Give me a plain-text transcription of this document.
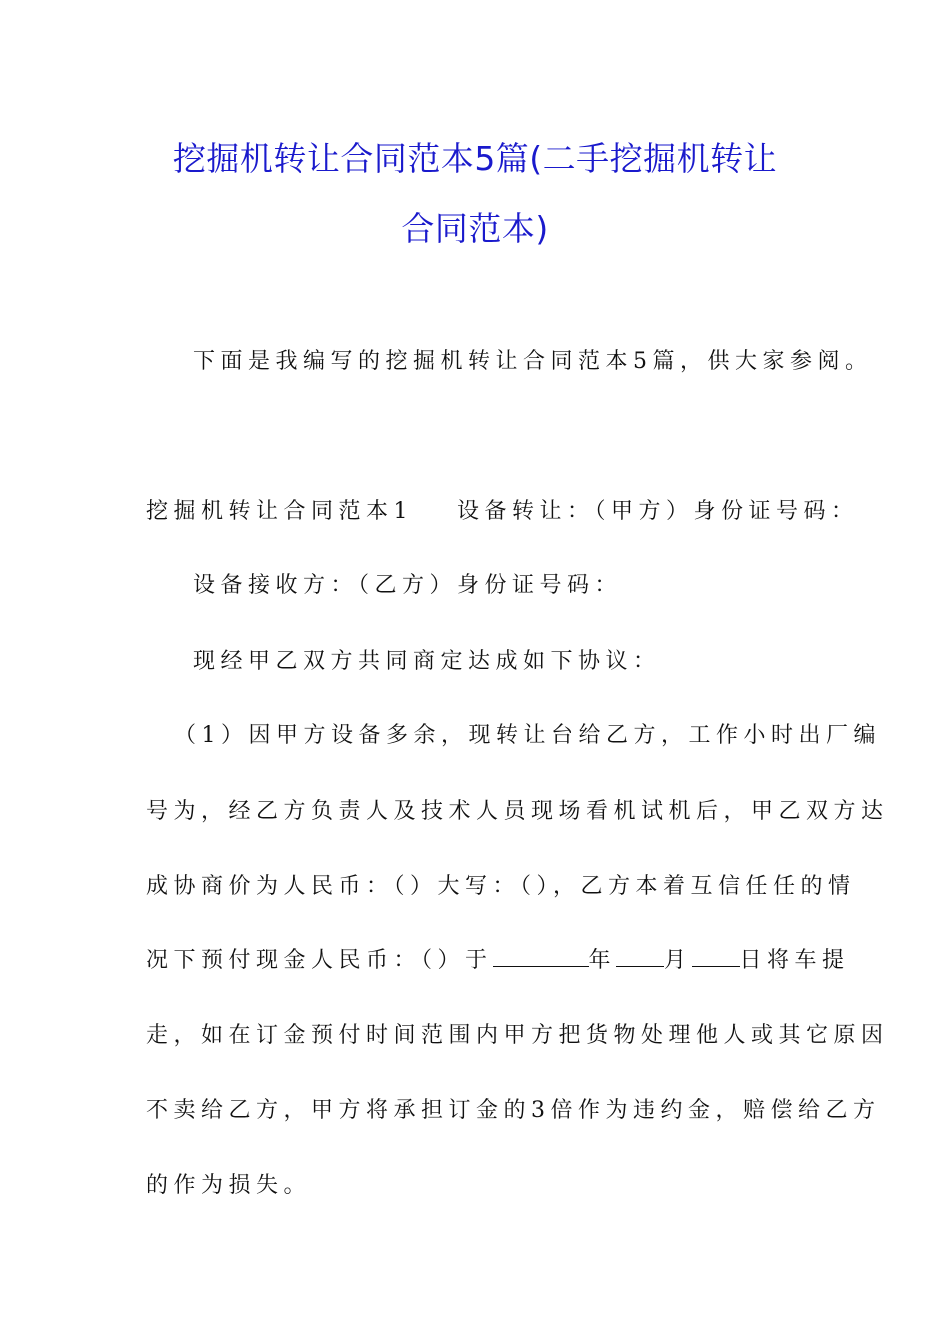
挖掘机转让合同范本5篇(二手挖掘机转让
合同范本)
下面是我编写的挖掘机转让合同范本5篇，供大家参阅。
挖掘机转让合同范本1 设备转让：（甲方）身份证号码：
设备接收方：（乙方）身份证号码：
现经甲乙双方共同商定达成如下协议：
（1）因甲方设备多余，现转让台给乙方，工作小时出厂编
号为，经乙方负责人及技术人员现场看机试机后，甲乙双方达
成协商价为人民币：（）大写：（），乙方本着互信任任的情
况下预付现金人民币：（）于	年 月 日将车提
走，如在订金预付时间范围内甲方把货物处理他人或其它原因
不卖给乙方，甲方将承担订金的3倍作为违约金，赔偿给乙方
的作为损失。
